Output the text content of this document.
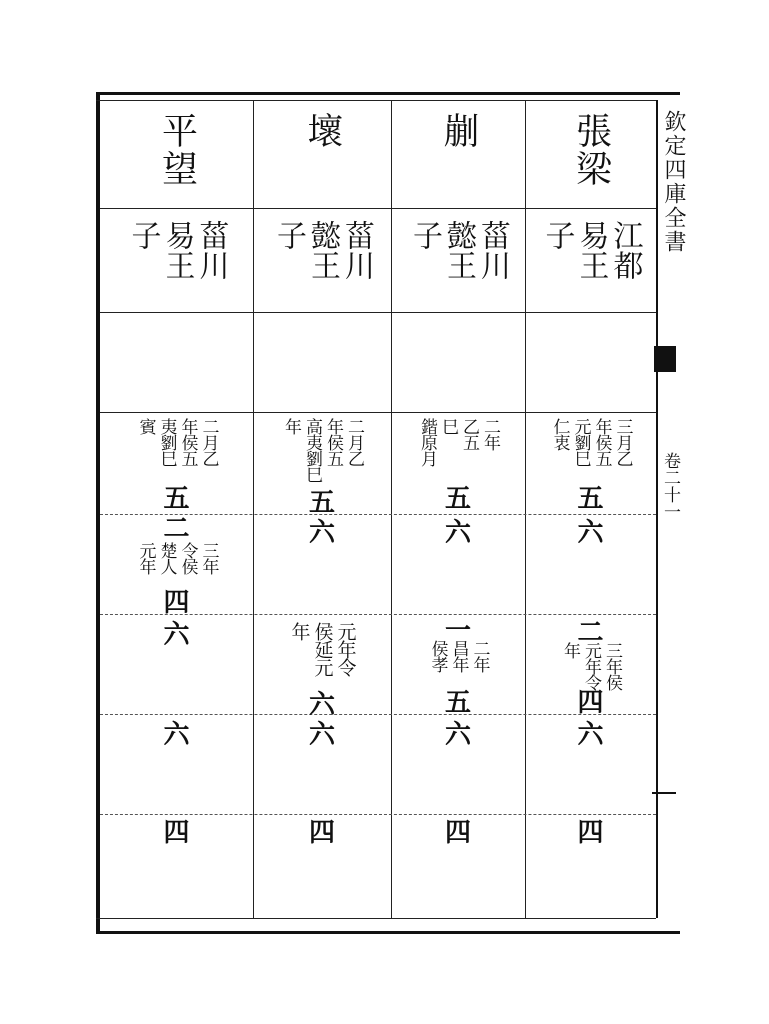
欽定四庫全書
卷二十一
張梁
江都
易王
子
三月乙
年侯五
元劉巳
仁衷
五
六
二
三年侯
元年令
年
四
六
四
剻
菑川
懿王
子
二年
乙五
巳
鍇原月
五
六
一
二年
昌年
侯孝
五
六
四
壞
菑川
懿王
子
二月乙
年侯五
高夷劉巳
年
五
六
元年令
侯延元
年
六
六
四
平望
菑川
易王
子
二月乙
年侯五
夷劉巳
賓
五
二
三年
令侯
楚人
元年
四
六
六
四
